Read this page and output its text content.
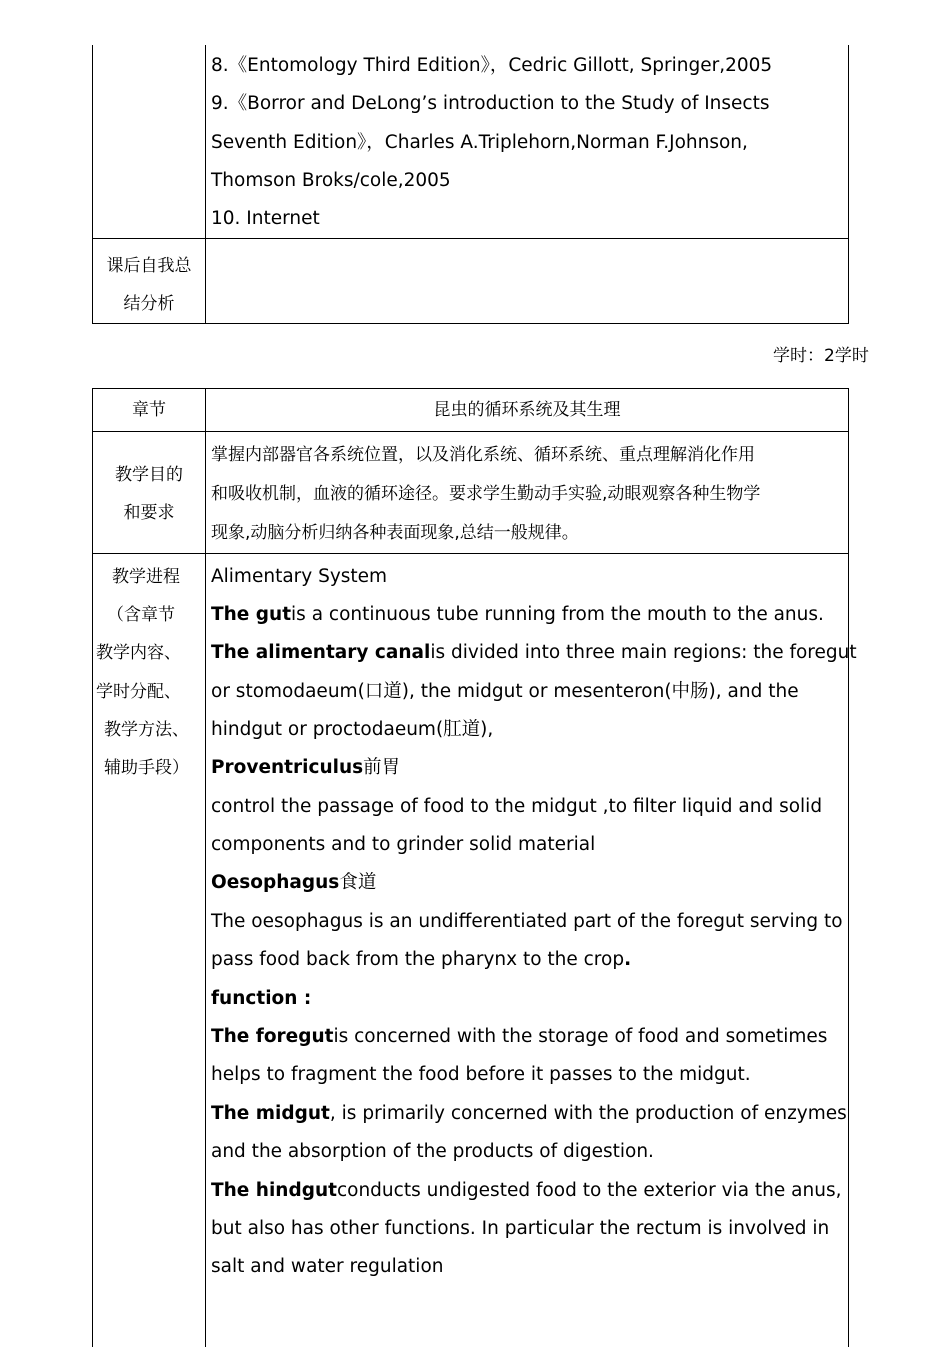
8.《Entomology Third Edition》，Cedric Gillott, Springer,2005
9.《Borror and DeLong’s introduction to the Study of Insects
Seventh Edition》，Charles A.Triplehorn,Norman F.Johnson,
Thomson Broks/cole,2005
10. Internet
课后自我总
结分析
学时：2学时
章节	昆虫的循环系统及其生理
教学目的
和要求
掌握内部器官各系统位置，以及消化系统、循环系统、重点理解消化作用
和吸收机制，血液的循环途径。要求学生勤动手实验,动眼观察各种生物学
现象,动脑分析归纳各种表面现象,总结一般规律。
教学进程
（含章节
教学内容、
学时分配、
教学方法、
辅助手段）
Alimentary System
The gutis a continuous tube running from the mouth to the anus.
The alimentary canalis divided into three main regions: the foregut
or stomodaeum(口道), the midgut or mesenteron(中肠), and the
hindgut or proctodaeum(肛道),
Proventriculus前胃
control the passage of food to the midgut ,to filter liquid and solid
components and to grinder solid material
Oesophagus食道
The oesophagus is an undifferentiated part of the foregut serving to
pass food back from the pharynx to the crop.
function :
The foregutis concerned with the storage of food and sometimes
helps to fragment the food before it passes to the midgut.
The midgut, is primarily concerned with the production of enzymes
and the absorption of the products of digestion.
The hindgutconducts undigested food to the exterior via the anus,
but also has other functions. In particular the rectum is involved in
salt and water regulation
